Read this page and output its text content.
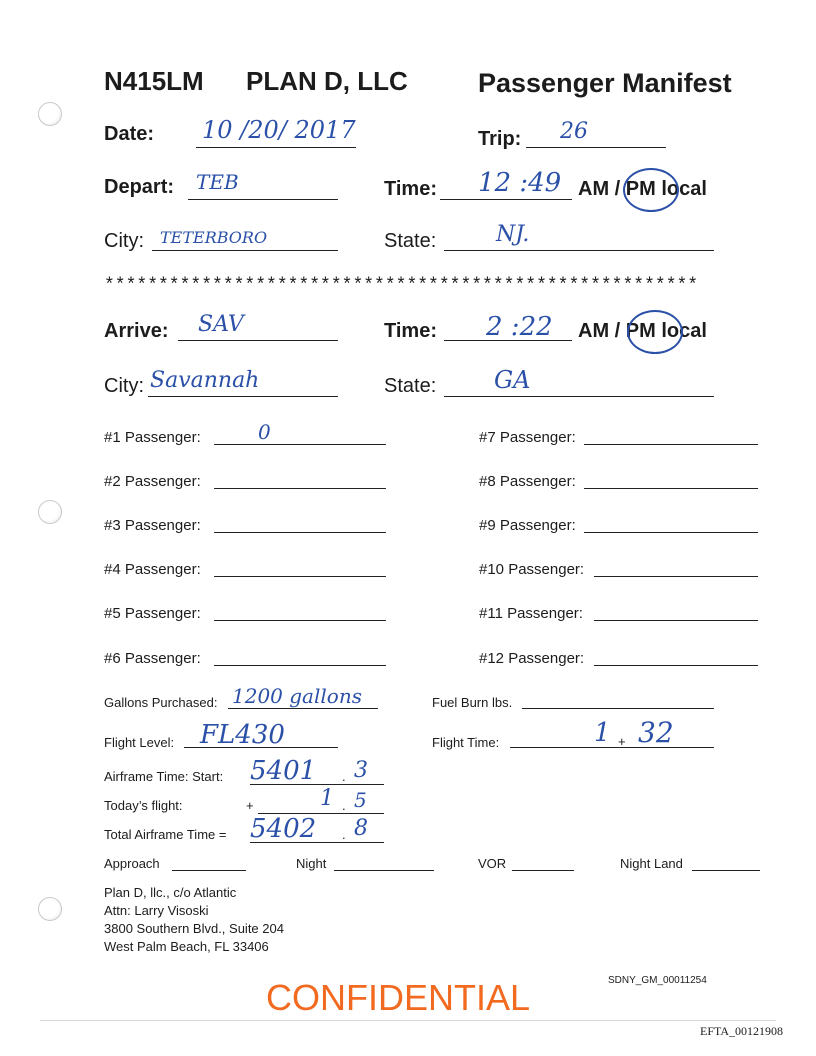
N415LM PLAN D, LLC	Passenger Manifest
Date: 10 /20/ 2017	Trip: 26
Depart: TEB	Time: 12 :49 AM / PM local
City: TETERBORO	State:	NJ.
*******************************************************
Arrive: SAV	Time: 2 :22 AM / PM local
City: Savannah	State: GA
#1 Passenger:	0
#2 Passenger:
#3 Passenger:
#4 Passenger:
#5 Passenger:
#6 Passenger:
#7 Passenger:
#8 Passenger:
#9 Passenger:
#10 Passenger:
#11 Passenger:
#12 Passenger:
Gallons Purchased: 1200 gallons	Fuel Burn lbs.
Flight Level: FL430	Flight Time:	1 + 32
Airframe Time: Start: 5401 . 3
Today’s flight:	+	1 . 5
Total Airframe Time = 5402 . 8
Approach	Night	VOR	Night Land
Plan D, llc., c/o Atlantic
Attn: Larry Visoski
3800 Southern Blvd., Suite 204
West Palm Beach, FL 33406
CONFIDENTIAL	SDNY_GM_00011254
EFTA_00121908
